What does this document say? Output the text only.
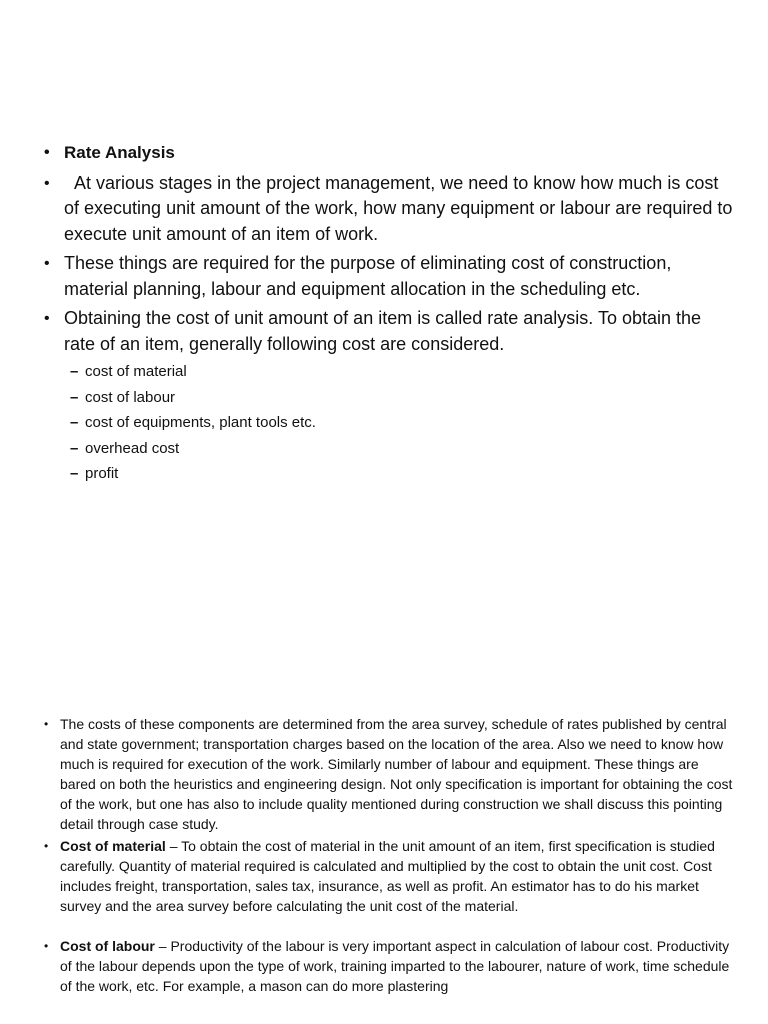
• Rate Analysis
• At various stages in the project management, we need to know how much is cost of executing unit amount of the work, how many equipment or labour are required to execute unit amount of an item of work.
• These things are required for the purpose of eliminating cost of construction, material planning, labour and equipment allocation in the scheduling etc.
• Obtaining the cost of unit amount of an item is called rate analysis. To obtain the rate of an item, generally following cost are considered.
– cost of material
– cost of labour
– cost of equipments, plant tools etc.
– overhead cost
– profit
• The costs of these components are determined from the area survey, schedule of rates published by central and state government; transportation charges based on the location of the area. Also we need to know how much is required for execution of the work. Similarly number of labour and equipment. These things are bared on both the heuristics and engineering design. Not only specification is important for obtaining the cost of the work, but one has also to include quality mentioned during construction we shall discuss this pointing detail through case study.
• Cost of material – To obtain the cost of material in the unit amount of an item, first specification is studied carefully. Quantity of material required is calculated and multiplied by the cost to obtain the unit cost. Cost includes freight, transportation, sales tax, insurance, as well as profit. An estimator has to do his market survey and the area survey before calculating the unit cost of the material.
• Cost of labour – Productivity of the labour is very important aspect in calculation of labour cost. Productivity of the labour depends upon the type of work, training imparted to the labourer, nature of work, time schedule of the work, etc. For example, a mason can do more plastering
